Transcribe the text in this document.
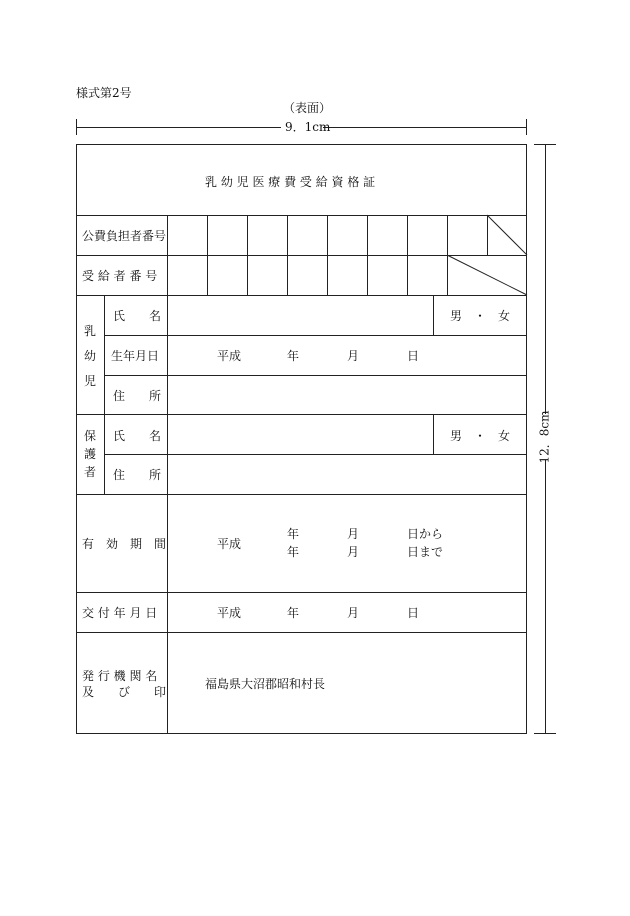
様式第2号
（表面）
9．1cm
12．8cm
乳 幼 児 医 療 費 受 給 資 格 証
公費負担者番号
受 給 者 番 号
乳
幼
児
氏　　名	男　・　女
生年月日	平成	年	月	日
住　　所
保
護
者
氏　　名	男　・　女
住　　所
有　効　期　間	平成
年	月	日から
年	月	日まで
交 付 年 月 日	平成	年	月	日
発 行 機 関 名
及　　び　　印
福島県大沼郡昭和村長
